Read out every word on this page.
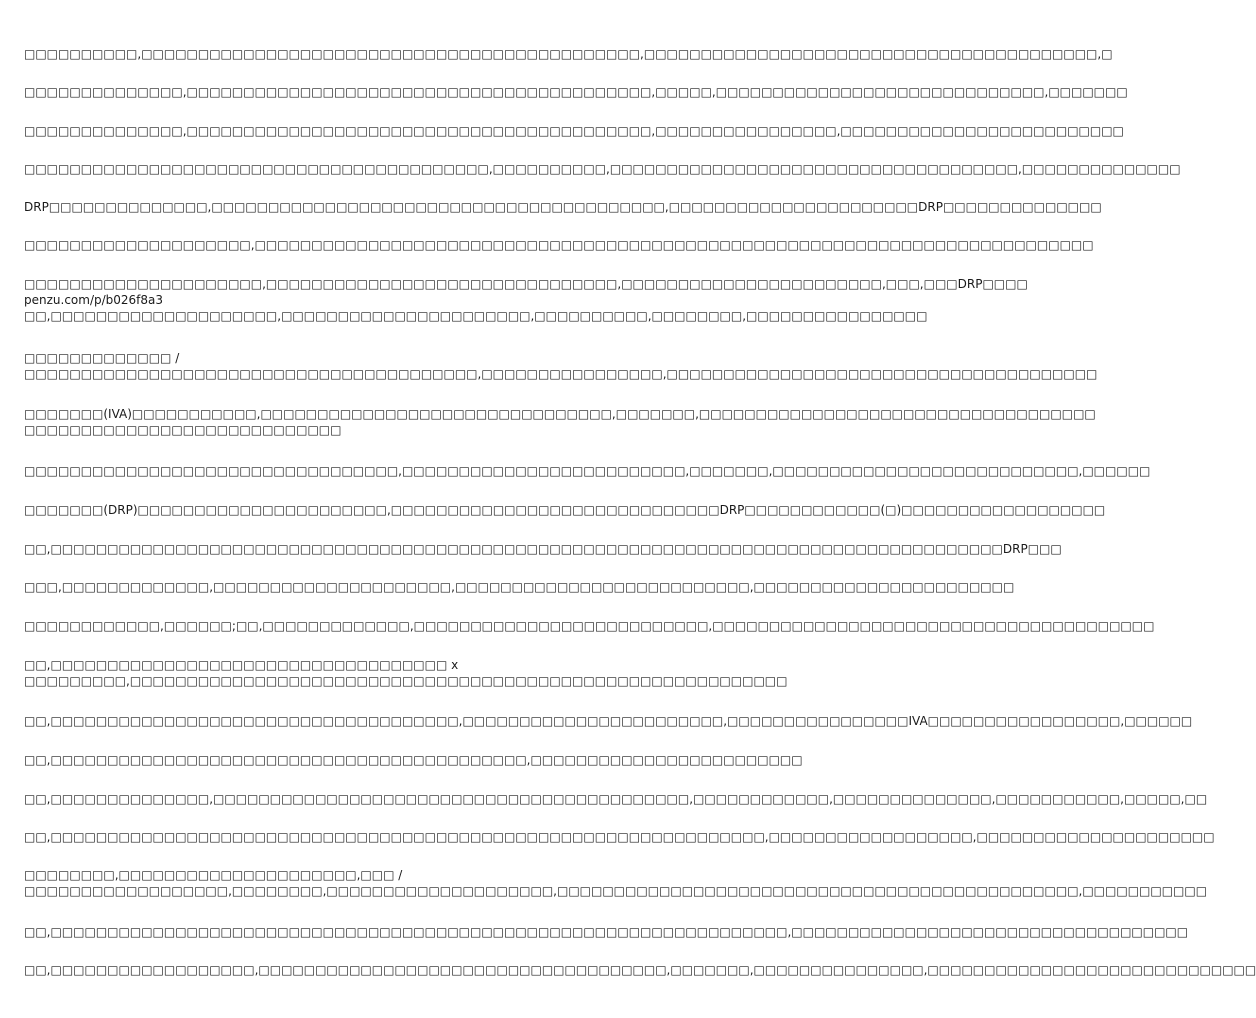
□□□□□□□□□□,□□□□□□□□□□□□□□□□□□□□□□□□□□□□□□□□□□□□□□□□□□□□,□□□□□□□□□□□□□□□□□□□□□□□□□□□□□□□□□□□□□□□□,□
□□□□□□□□□□□□□□,□□□□□□□□□□□□□□□□□□□□□□□□□□□□□□□□□□□□□□□□□,□□□□□,□□□□□□□□□□□□□□□□□□□□□□□□□□□□□,□□□□□□□
□□□□□□□□□□□□□□,□□□□□□□□□□□□□□□□□□□□□□□□□□□□□□□□□□□□□□□□□,□□□□□□□□□□□□□□□□,□□□□□□□□□□□□□□□□□□□□□□□□□
□□□□□□□□□□□□□□□□□□□□□□□□□□□□□□□□□□□□□□□□□,□□□□□□□□□□,□□□□□□□□□□□□□□□□□□□□□□□□□□□□□□□□□□□□,□□□□□□□□□□□□□□
DRP□□□□□□□□□□□□□□,□□□□□□□□□□□□□□□□□□□□□□□□□□□□□□□□□□□□□□□□,□□□□□□□□□□□□□□□□□□□□□□DRP□□□□□□□□□□□□□□
□□□□□□□□□□□□□□□□□□□□,□□□□□□□□□□□□□□□□□□□□□□□□□□□□□□□□□□□□□□□□□□□□□□□□□□□□□□□□□□□□□□□□□□□□□□□□□□
□□□□□□□□□□□□□□□□□□□□□,□□□□□□□□□□□□□□□□□□□□□□□□□□□□□□□,□□□□□□□□□□□□□□□□□□□□□□□,□□□,□□□DRP□□□□
penzu.com/p/b026f8a3
□□,□□□□□□□□□□□□□□□□□□□□,□□□□□□□□□□□□□□□□□□□□□□,□□□□□□□□□□,□□□□□□□□,□□□□□□□□□□□□□□□□
□□□□□□□□□□□□□ /
□□□□□□□□□□□□□□□□□□□□□□□□□□□□□□□□□□□□□□□□,□□□□□□□□□□□□□□□□,□□□□□□□□□□□□□□□□□□□□□□□□□□□□□□□□□□□□□□
□□□□□□□(IVA)□□□□□□□□□□□,□□□□□□□□□□□□□□□□□□□□□□□□□□□□□□□,□□□□□□□,□□□□□□□□□□□□□□□□□□□□□□□□□□□□□□□□□□□
□□□□□□□□□□□□□□□□□□□□□□□□□□□□
□□□□□□□□□□□□□□□□□□□□□□□□□□□□□□□□□,□□□□□□□□□□□□□□□□□□□□□□□□□,□□□□□□□,□□□□□□□□□□□□□□□□□□□□□□□□□□□,□□□□□□
□□□□□□□(DRP)□□□□□□□□□□□□□□□□□□□□□□,□□□□□□□□□□□□□□□□□□□□□□□□□□□□□DRP□□□□□□□□□□□□(□)□□□□□□□□□□□□□□□□□□
□□,□□□□□□□□□□□□□□□□□□□□□□□□□□□□□□□□□□□□□□□□□□□□□□□□□□□□□□□□□□□□□□□□□□□□□□□□□□□□□□□□□□□□DRP□□□
□□□,□□□□□□□□□□□□□,□□□□□□□□□□□□□□□□□□□□□,□□□□□□□□□□□□□□□□□□□□□□□□□□,□□□□□□□□□□□□□□□□□□□□□□□
□□□□□□□□□□□□,□□□□□□;□□,□□□□□□□□□□□□□,□□□□□□□□□□□□□□□□□□□□□□□□□□,□□□□□□□□□□□□□□□□□□□□□□□□□□□□□□□□□□□□□□□
□□,□□□□□□□□□□□□□□□□□□□□□□□□□□□□□□□□□□□ x
□□□□□□□□□,□□□□□□□□□□□□□□□□□□□□□□□□□□□□□□□□□□□□□□□□□□□□□□□□□□□□□□□□□□
□□,□□□□□□□□□□□□□□□□□□□□□□□□□□□□□□□□□□□□,□□□□□□□□□□□□□□□□□□□□□□□,□□□□□□□□□□□□□□□□IVA□□□□□□□□□□□□□□□□□,□□□□□□
□□,□□□□□□□□□□□□□□□□□□□□□□□□□□□□□□□□□□□□□□□□□□,□□□□□□□□□□□□□□□□□□□□□□□□
□□,□□□□□□□□□□□□□□,□□□□□□□□□□□□□□□□□□□□□□□□□□□□□□□□□□□□□□□□□□,□□□□□□□□□□□□,□□□□□□□□□□□□□□,□□□□□□□□□□□,□□□□□,□□
□□,□□□□□□□□□□□□□□□□□□□□□□□□□□□□□□□□□□□□□□□□□□□□□□□□□□□□□□□□□□□□□□□,□□□□□□□□□□□□□□□□□□,□□□□□□□□□□□□□□□□□□□□□
□□□□□□□□,□□□□□□□□□□□□□□□□□□□□□,□□□ /
□□□□□□□□□□□□□□□□□□,□□□□□□□□,□□□□□□□□□□□□□□□□□□□□,□□□□□□□□□□□□□□□□□□□□□□□□□□□□□□□□□□□□□□□□□□□□□□,□□□□□□□□□□□
□□,□□□□□□□□□□□□□□□□□□□□□□□□□□□□□□□□□□□□□□□□□□□□□□□□□□□□□□□□□□□□□□□□□,□□□□□□□□□□□□□□□□□□□□□□□□□□□□□□□□□□□
□□,□□□□□□□□□□□□□□□□□□,□□□□□□□□□□□□□□□□□□□□□□□□□□□□□□□□□□□□,□□□□□□□,□□□□□□□□□□□□□□□,□□□□□□□□□□□□□□□□□□□□□□□□□□□□□
